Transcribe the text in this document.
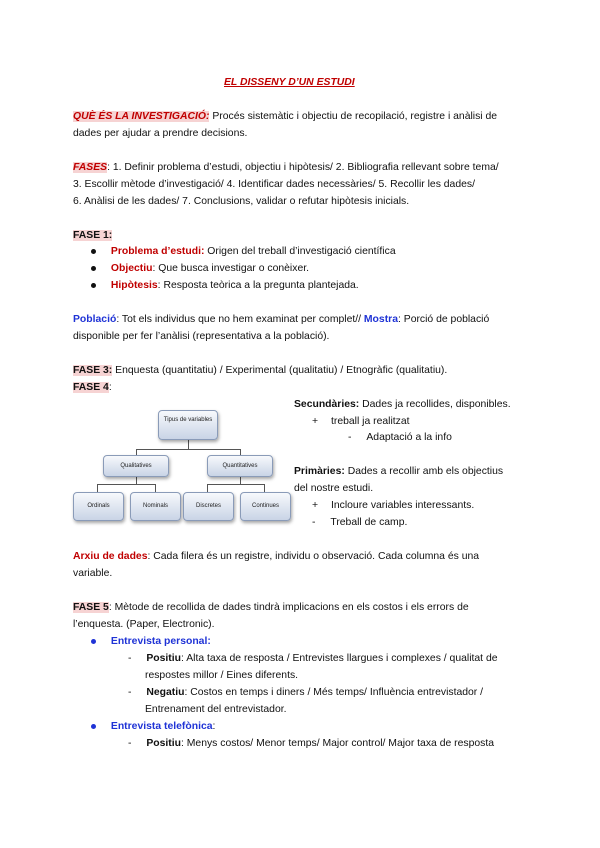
EL DISSENY D’UN ESTUDI
QUÈ ÉS LA INVESTIGACIÓ: Procés sistemàtic i objectiu de recopilació, registre i anàlisi de
dades per ajudar a prendre decisions.
FASES: 1. Definir problema d’estudi, objectiu i hipòtesis/ 2. Bibliografia rellevant sobre tema/
3. Escollir mètode d’investigació/ 4. Identificar dades necessàries/ 5. Recollir les dades/
6. Anàlisi de les dades/ 7. Conclusions, validar o refutar hipòtesis inicials.
FASE 1:
Problema d’estudi: Origen del treball d’investigació científica
Objectiu: Que busca investigar o conèixer.
Hipòtesis: Resposta teòrica a la pregunta plantejada.
Població: Tot els individus que no hem examinat per complet// Mostra: Porció de població
disponible per fer l’anàlisi (representativa a la població).
FASE 3: Enquesta (quantitatiu) / Experimental (qualitatiu) / Etnogràfic (qualitatiu).
FASE 4:
Tipus de variables
Qualitatives	Quantitatives
Ordinals	Nominals	Discretes	Continues
Secundàries: Dades ja recollides, disponibles.
+ treball ja realitzat
- Adaptació a la info
Primàries: Dades a recollir amb els objectius
del nostre estudi.
+ Incloure variables interessants.
- Treball de camp.
Arxiu de dades: Cada filera és un registre, individu o observació. Cada columna és una
variable.
FASE 5: Mètode de recollida de dades tindrà implicacions en els costos i els errors de
l’enquesta. (Paper, Electronic).
Entrevista personal:
- Positiu: Alta taxa de resposta / Entrevistes llargues i complexes / qualitat de
respostes millor / Eines diferents.
- Negatiu: Costos en temps i diners / Més temps/ Influència entrevistador /
Entrenament del entrevistador.
Entrevista telefònica:
- Positiu: Menys costos/ Menor temps/ Major control/ Major taxa de resposta
